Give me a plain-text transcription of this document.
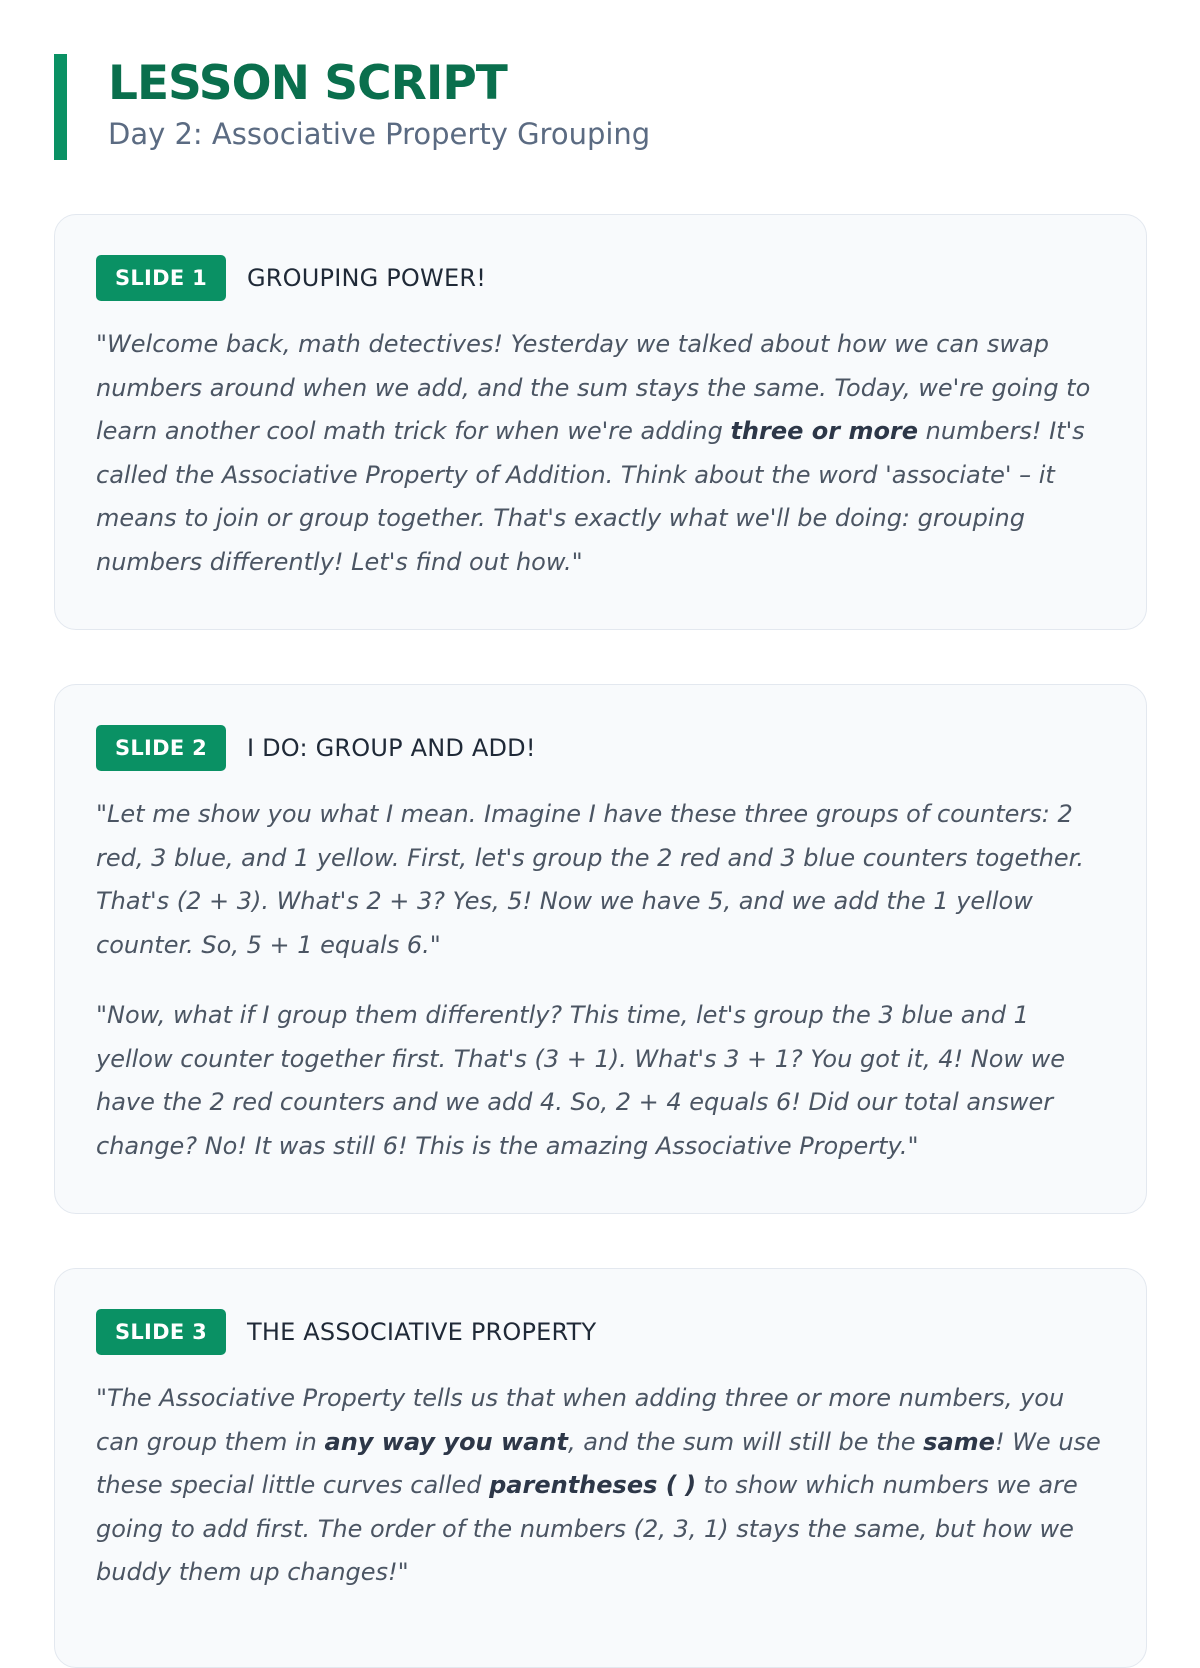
LESSON SCRIPT
Day 2: Associative Property Grouping
SLIDE 1	GROUPING POWER!

"Welcome back, math detectives! Yesterday we talked about how we can swap numbers around when we add, and the sum stays the same. Today, we're going to learn another cool math trick for when we're adding three or more numbers! It's called the Associative Property of Addition. Think about the word 'associate' – it means to join or group together. That's exactly what we'll be doing: grouping numbers differently! Let's find out how."

SLIDE 2	I DO: GROUP AND ADD!

"Let me show you what I mean. Imagine I have these three groups of counters: 2 red, 3 blue, and 1 yellow. First, let's group the 2 red and 3 blue counters together. That's (2 + 3). What's 2 + 3? Yes, 5! Now we have 5, and we add the 1 yellow counter. So, 5 + 1 equals 6."

"Now, what if I group them differently? This time, let's group the 3 blue and 1 yellow counter together first. That's (3 + 1). What's 3 + 1? You got it, 4! Now we have the 2 red counters and we add 4. So, 2 + 4 equals 6! Did our total answer change? No! It was still 6! This is the amazing Associative Property."

SLIDE 3	THE ASSOCIATIVE PROPERTY

"The Associative Property tells us that when adding three or more numbers, you can group them in any way you want, and the sum will still be the same! We use these special little curves called parentheses ( ) to show which numbers we are going to add first. The order of the numbers (2, 3, 1) stays the same, but how we buddy them up changes!"
